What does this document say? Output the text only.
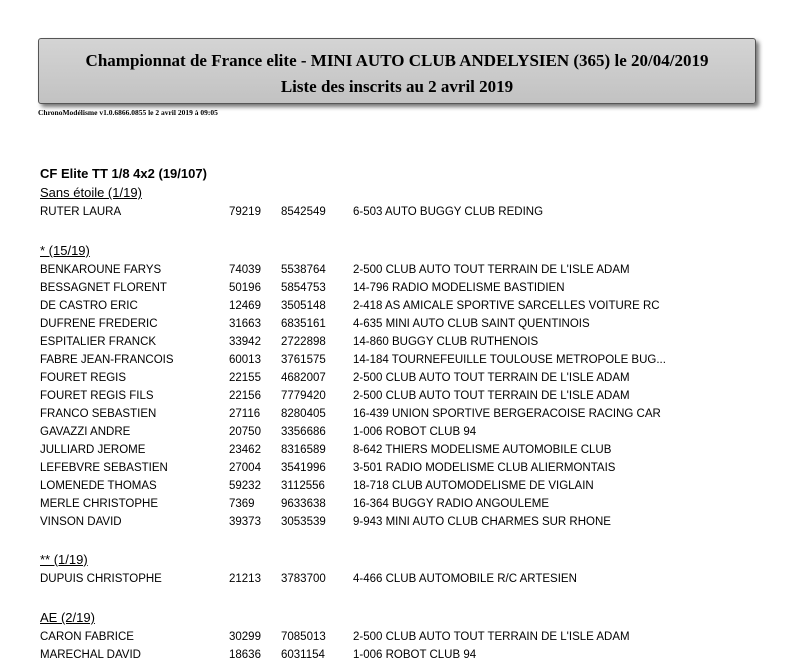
Championnat de France elite - MINI AUTO CLUB ANDELYSIEN (365) le 20/04/2019
Liste des inscrits au 2 avril 2019
ChronoModélisme v1.0.6866.0855 le 2 avril 2019 à 09:05
CF Elite TT 1/8 4x2 (19/107)
Sans étoile (1/19)
RUTER LAURA	79219 8542549 6-503 AUTO BUGGY CLUB REDING
* (15/19)
BENKAROUNE FARYS	74039 5538764 2-500 CLUB AUTO TOUT TERRAIN DE L'ISLE ADAM
BESSAGNET FLORENT	50196 5854753 14-796 RADIO MODELISME BASTIDIEN
DE CASTRO ERIC	12469 3505148 2-418 AS AMICALE SPORTIVE SARCELLES VOITURE RC
DUFRENE FREDERIC	31663 6835161 4-635 MINI AUTO CLUB SAINT QUENTINOIS
ESPITALIER FRANCK	33942 2722898 14-860 BUGGY CLUB RUTHENOIS
FABRE JEAN-FRANCOIS	60013 3761575 14-184 TOURNEFEUILLE TOULOUSE METROPOLE BUG...
FOURET REGIS	22155 4682007 2-500 CLUB AUTO TOUT TERRAIN DE L'ISLE ADAM
FOURET REGIS FILS	22156 7779420 2-500 CLUB AUTO TOUT TERRAIN DE L'ISLE ADAM
FRANCO SEBASTIEN	27116 8280405 16-439 UNION SPORTIVE BERGERACOISE RACING CAR
GAVAZZI ANDRE	20750 3356686 1-006 ROBOT CLUB 94
JULLIARD JEROME	23462 8316589 8-642 THIERS MODELISME AUTOMOBILE CLUB
LEFEBVRE SEBASTIEN	27004 3541996 3-501 RADIO MODELISME CLUB ALIERMONTAIS
LOMENEDE THOMAS	59232 3112556 18-718 CLUB AUTOMODELISME DE VIGLAIN
MERLE CHRISTOPHE	7369 9633638 16-364 BUGGY RADIO ANGOULEME
VINSON DAVID	39373 3053539 9-943 MINI AUTO CLUB CHARMES SUR RHONE
** (1/19)
DUPUIS CHRISTOPHE	21213 3783700 4-466 CLUB AUTOMOBILE R/C ARTESIEN
AE (2/19)
CARON FABRICE	30299 7085013 2-500 CLUB AUTO TOUT TERRAIN DE L'ISLE ADAM
MARECHAL DAVID	18636 6031154 1-006 ROBOT CLUB 94
